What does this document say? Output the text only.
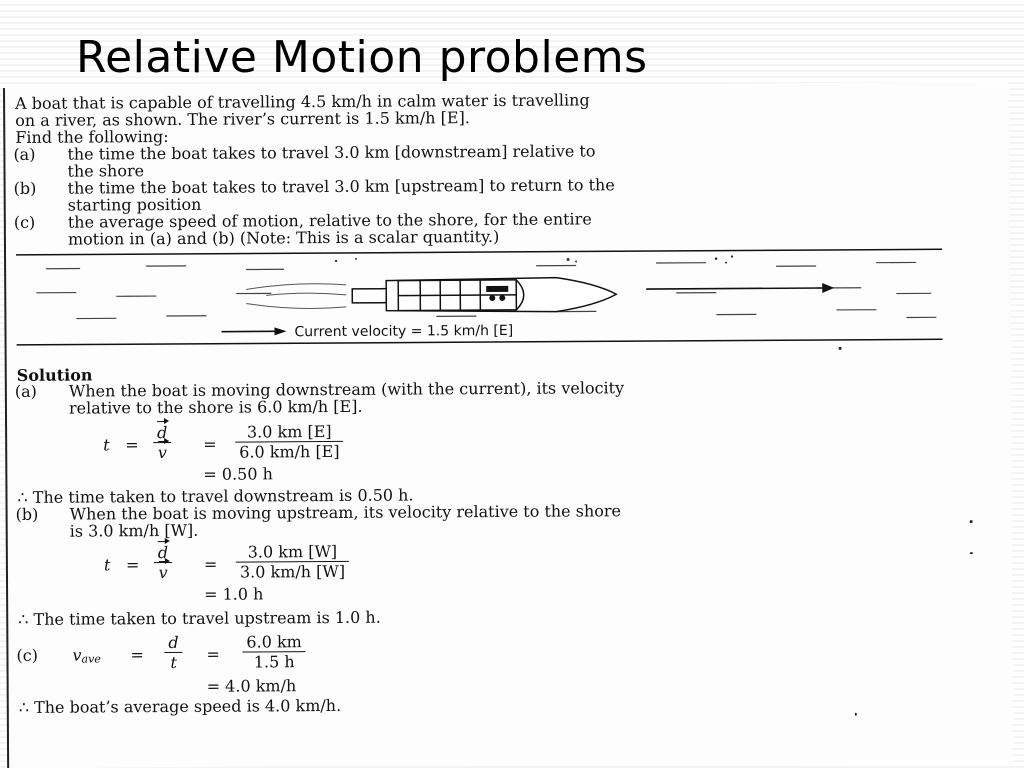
Relative Motion problems
A boat that is capable of travelling 4.5 km/h in calm water is travelling
on a river, as shown. The river’s current is 1.5 km/h [E].
Find the following:
(a) the time the boat takes to travel 3.0 km [downstream] relative to
the shore
(b) the time the boat takes to travel 3.0 km [upstream] to return to the
starting position
(c) the average speed of motion, relative to the shore, for the entire
motion in (a) and (b) (Note: This is a scalar quantity.)
Current velocity = 1.5 km/h [E]
Solution
(a) When the boat is moving downstream (with the current), its velocity
relative to the shore is 6.0 km/h [E].
$t = \frac{d}{v} = \frac{3.0 km [E]}{6.0 km/h [E]}$
= 0.50 h
∴ The time taken to travel downstream is 0.50 h.
(b) When the boat is moving upstream, its velocity relative to the shore
is 3.0 km/h [W].
$t = \frac{d}{v} = \frac{3.0 km [W]}{3.0 km/h [W]}$
= 1.0 h
∴ The time taken to travel upstream is 1.0 h.
(c) vave = $\frac{d}{t} = \frac{6.0 km}{1.5 h}$
= 4.0 km/h
∴ The boat’s average speed is 4.0 km/h.
